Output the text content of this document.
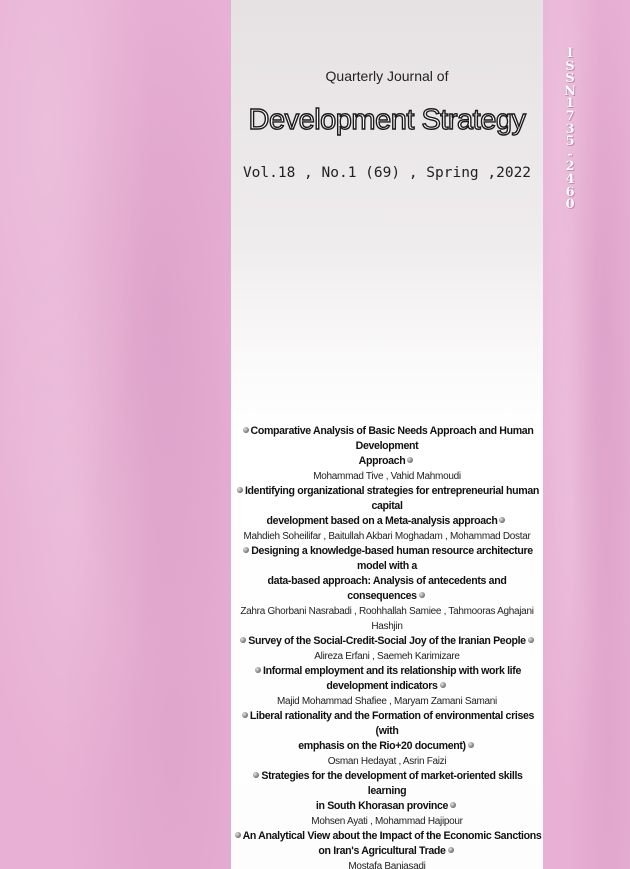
I
S
S
N
1
7
3
5
-
2
4
6
0
Quarterly Journal of
Development Strategy
Vol.18 , No.1 (69) , Spring ,2022
Comparative Analysis of Basic Needs Approach and Human Development
Approach
Mohammad Tive , Vahid Mahmoudi
Identifying organizational strategies for entrepreneurial human capital
development based on a Meta-analysis approach
Mahdieh Soheilifar , Baitullah Akbari Moghadam , Mohammad Dostar
Designing a knowledge-based human resource architecture model with a
data-based approach: Analysis of antecedents and consequences
Zahra Ghorbani Nasrabadi , Roohhallah Samiee , Tahmooras Aghajani Hashjin
Survey of the Social-Credit-Social Joy of the Iranian People
Alireza Erfani , Saemeh Karimizare
Informal employment and its relationship with work life
development indicators
Majid Mohammad Shafiee , Maryam Zamani Samani
Liberal rationality and the Formation of environmental crises (with
emphasis on the Rio+20 document)
Osman Hedayat , Asrin Faizi
Strategies for the development of market-oriented skills learning
in South Khorasan province
Mohsen Ayati , Mohammad Hajipour
An Analytical View about the Impact of the Economic Sanctions
on Iran's Agricultural Trade
Mostafa Baniasadi
